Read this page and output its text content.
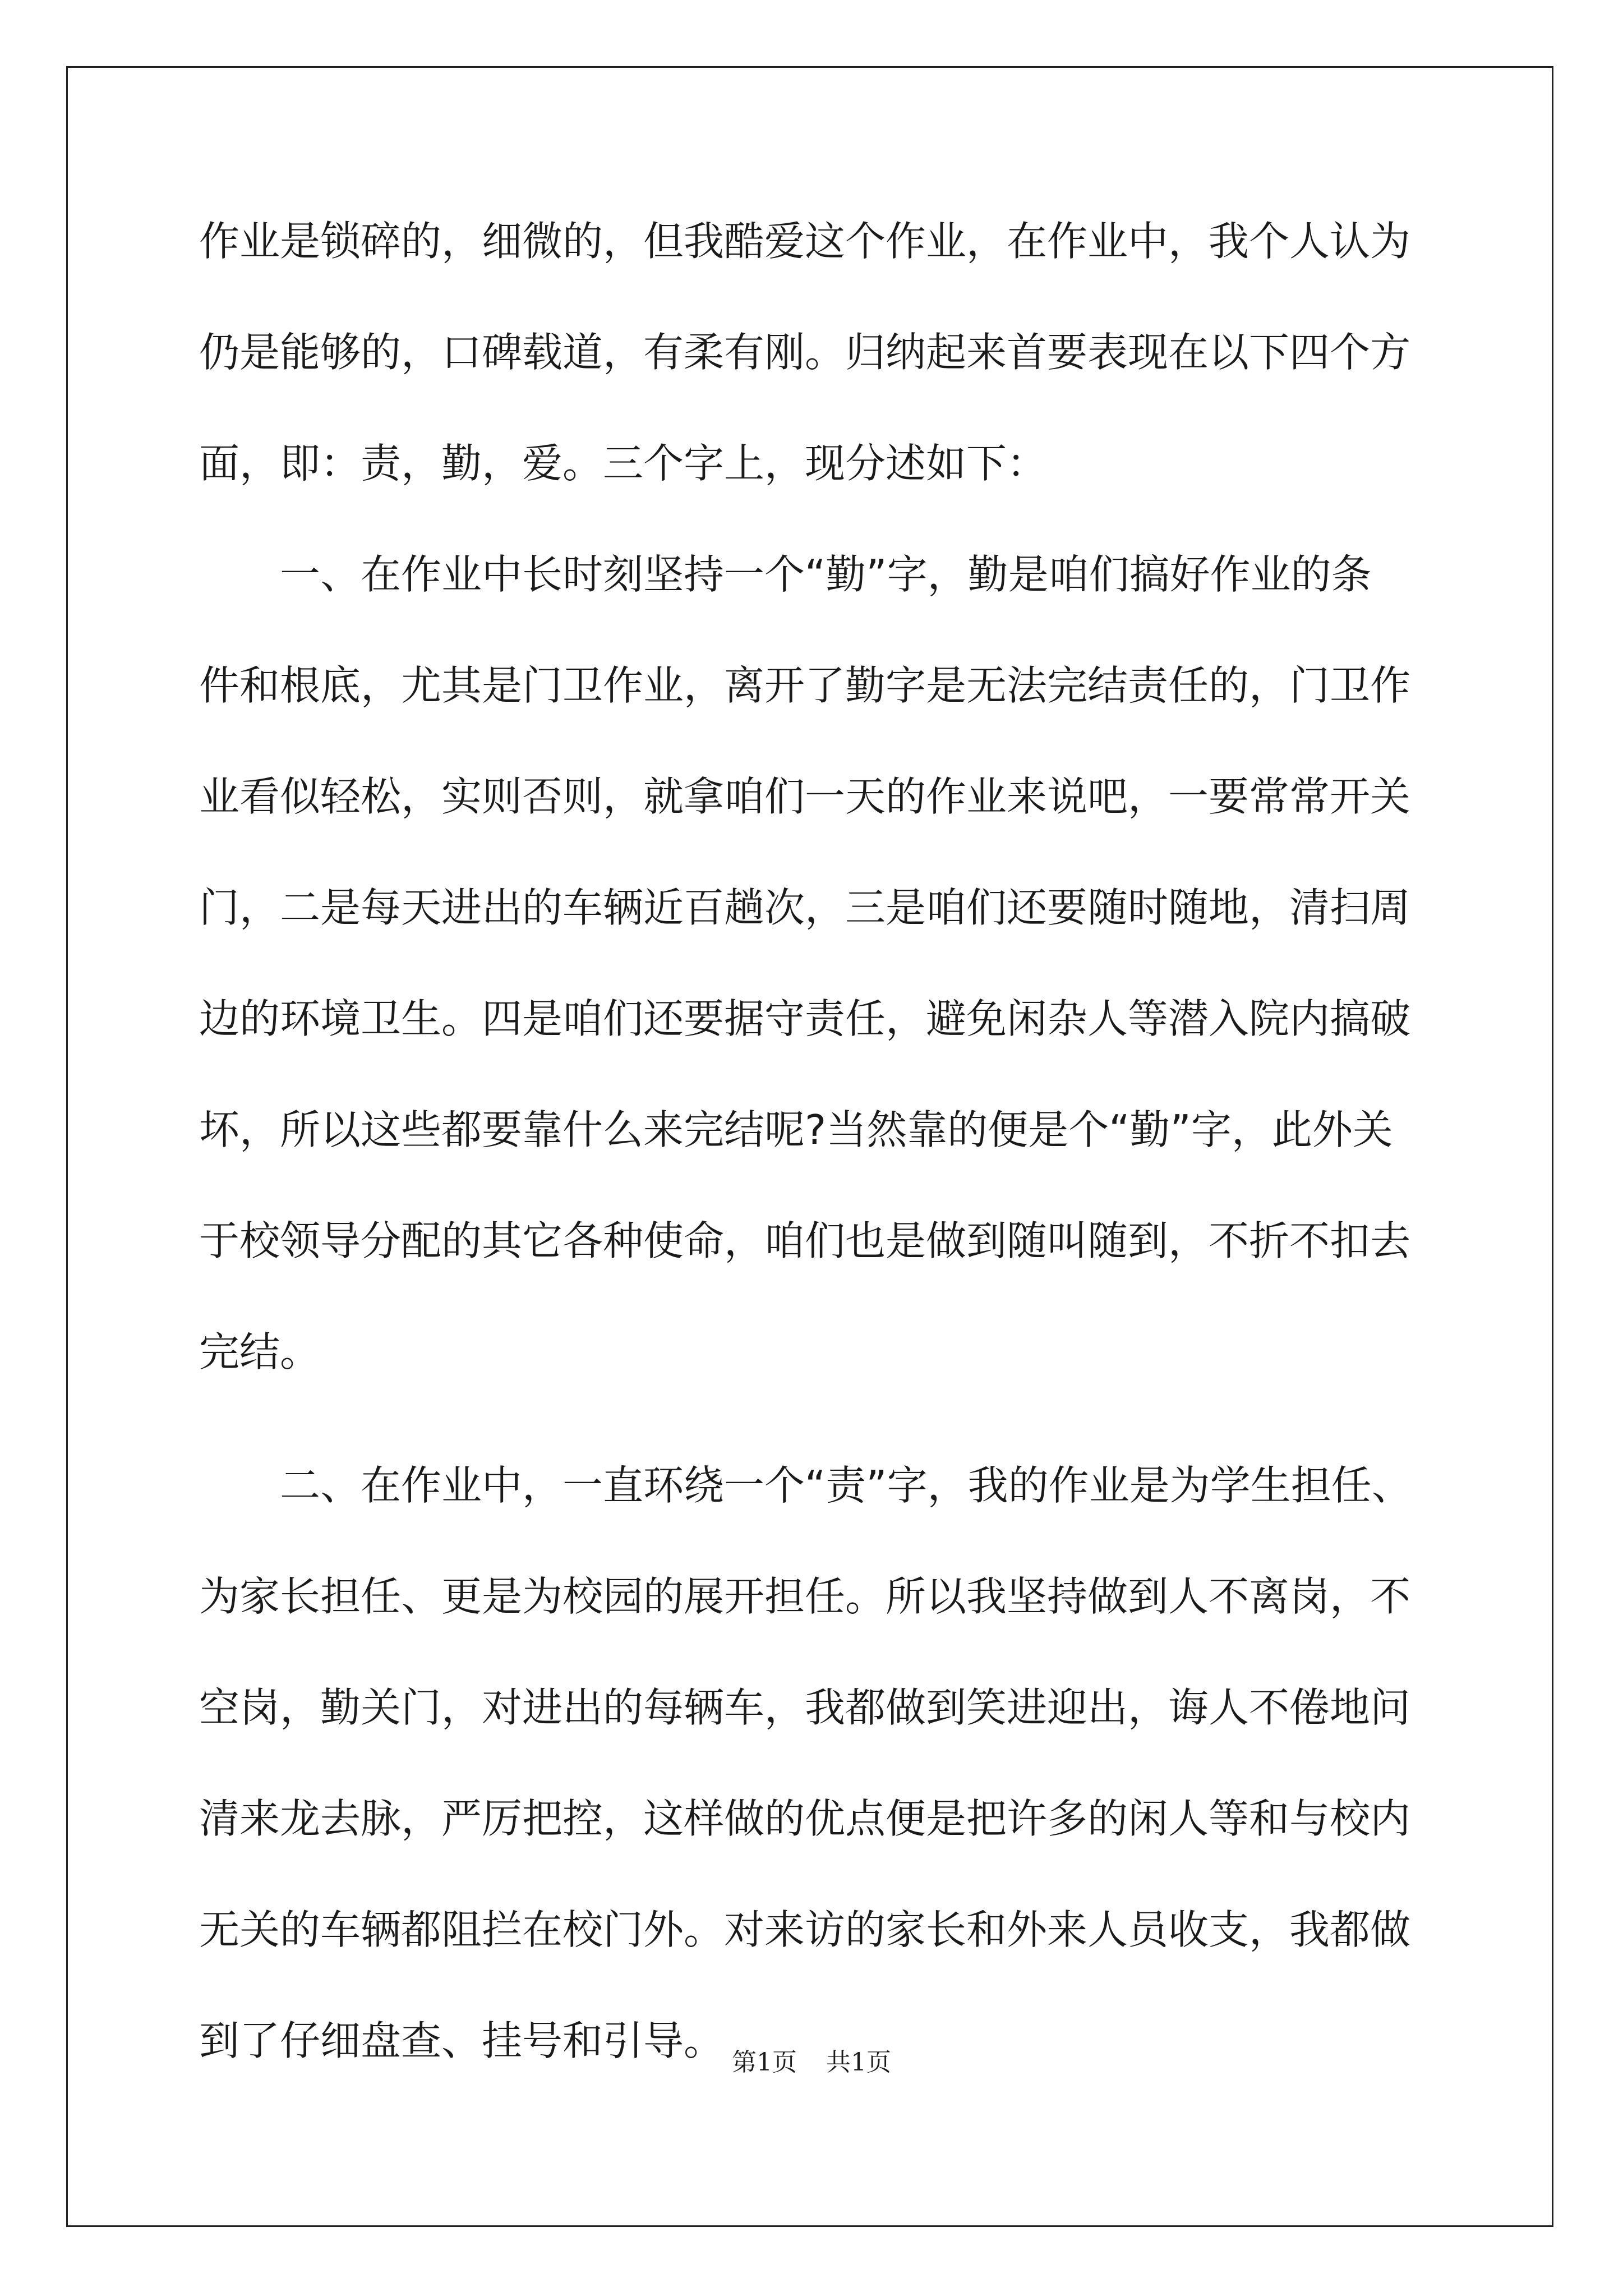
作业是锁碎的，细微的，但我酷爱这个作业，在作业中，我个人认为
仍是能够的，口碑载道，有柔有刚。归纳起来首要表现在以下四个方
面，即：责，勤，爱。三个字上，现分述如下：
一、在作业中长时刻坚持一个“勤”字，勤是咱们搞好作业的条
件和根底，尤其是门卫作业，离开了勤字是无法完结责任的，门卫作
业看似轻松，实则否则，就拿咱们一天的作业来说吧，一要常常开关
门，二是每天进出的车辆近百趟次，三是咱们还要随时随地，清扫周
边的环境卫生。四是咱们还要据守责任，避免闲杂人等潜入院内搞破
坏，所以这些都要靠什么来完结呢?当然靠的便是个“勤”字，此外关
于校领导分配的其它各种使命，咱们也是做到随叫随到，不折不扣去
完结。
二、在作业中，一直环绕一个“责”字，我的作业是为学生担任、
为家长担任、更是为校园的展开担任。所以我坚持做到人不离岗，不
空岗，勤关门，对进出的每辆车，我都做到笑进迎出，诲人不倦地问
清来龙去脉，严厉把控，这样做的优点便是把许多的闲人等和与校内
无关的车辆都阻拦在校门外。对来访的家长和外来人员收支，我都做
到了仔细盘查、挂号和引导。 第1页 共1页
